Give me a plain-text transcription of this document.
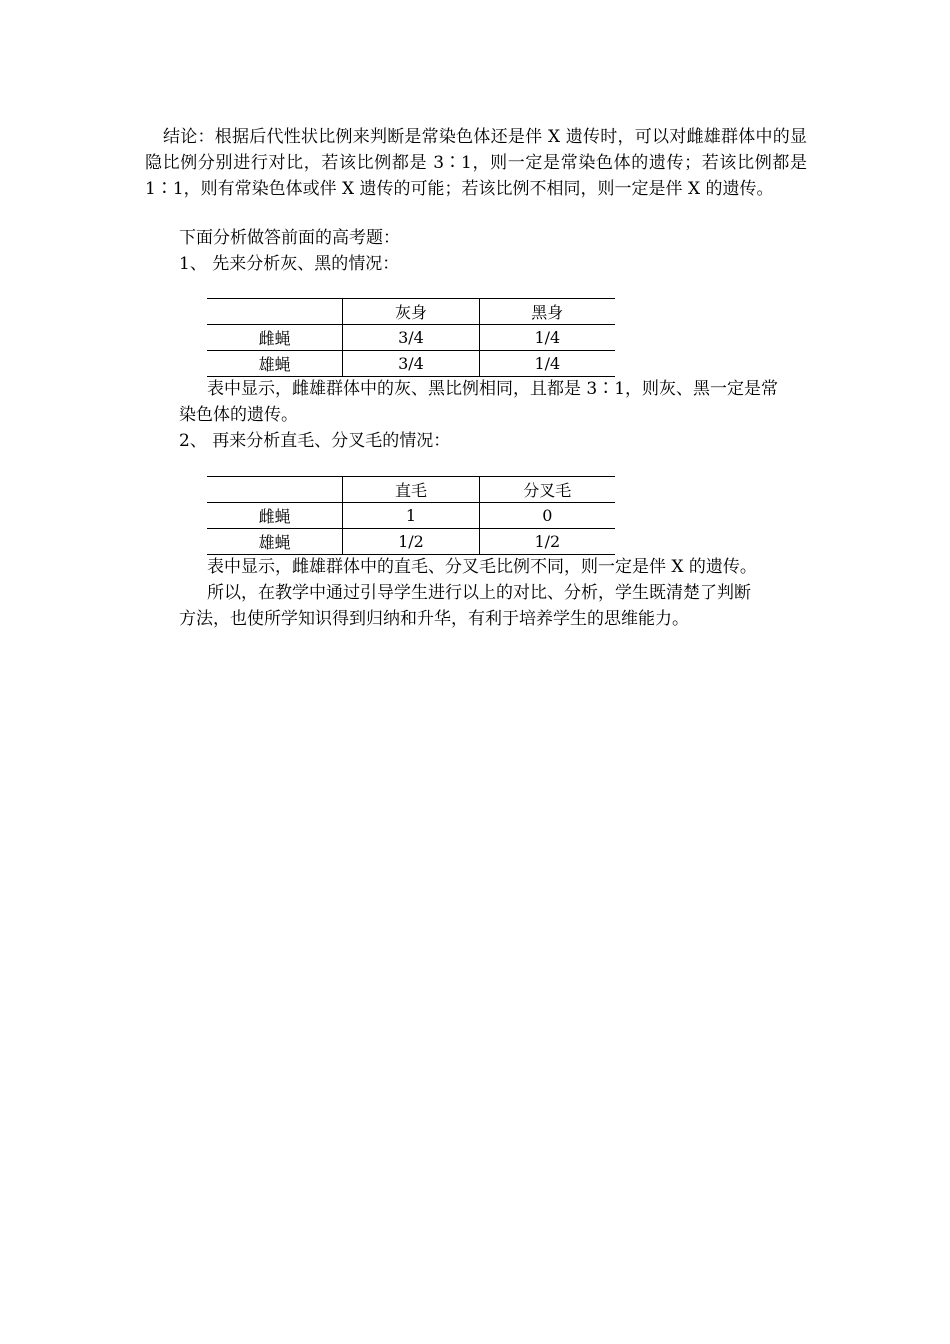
结论：根据后代性状比例来判断是常染色体还是伴 X 遗传时，可以对雌雄群体中的显隐比例分别进行对比，若该比例都是 3∶1，则一定是常染色体的遗传；若该比例都是 1∶1，则有常染色体或伴 X 遗传的可能；若该比例不相同，则一定是伴 X 的遗传。

下面分析做答前面的高考题：

1、 先来分析灰、黑的情况：

	灰身	黑身
雌蝇	3/4	1/4
雄蝇	3/4	1/4

表中显示，雌雄群体中的灰、黑比例相同，且都是 3∶1，则灰、黑一定是常

染色体的遗传。

2、 再来分析直毛、分叉毛的情况：

	直毛	分叉毛
雌蝇	1	0
雄蝇	1/2	1/2

表中显示，雌雄群体中的直毛、分叉毛比例不同，则一定是伴 X 的遗传。

所以，在教学中通过引导学生进行以上的对比、分析，学生既清楚了判断

方法，也使所学知识得到归纳和升华，有利于培养学生的思维能力。
